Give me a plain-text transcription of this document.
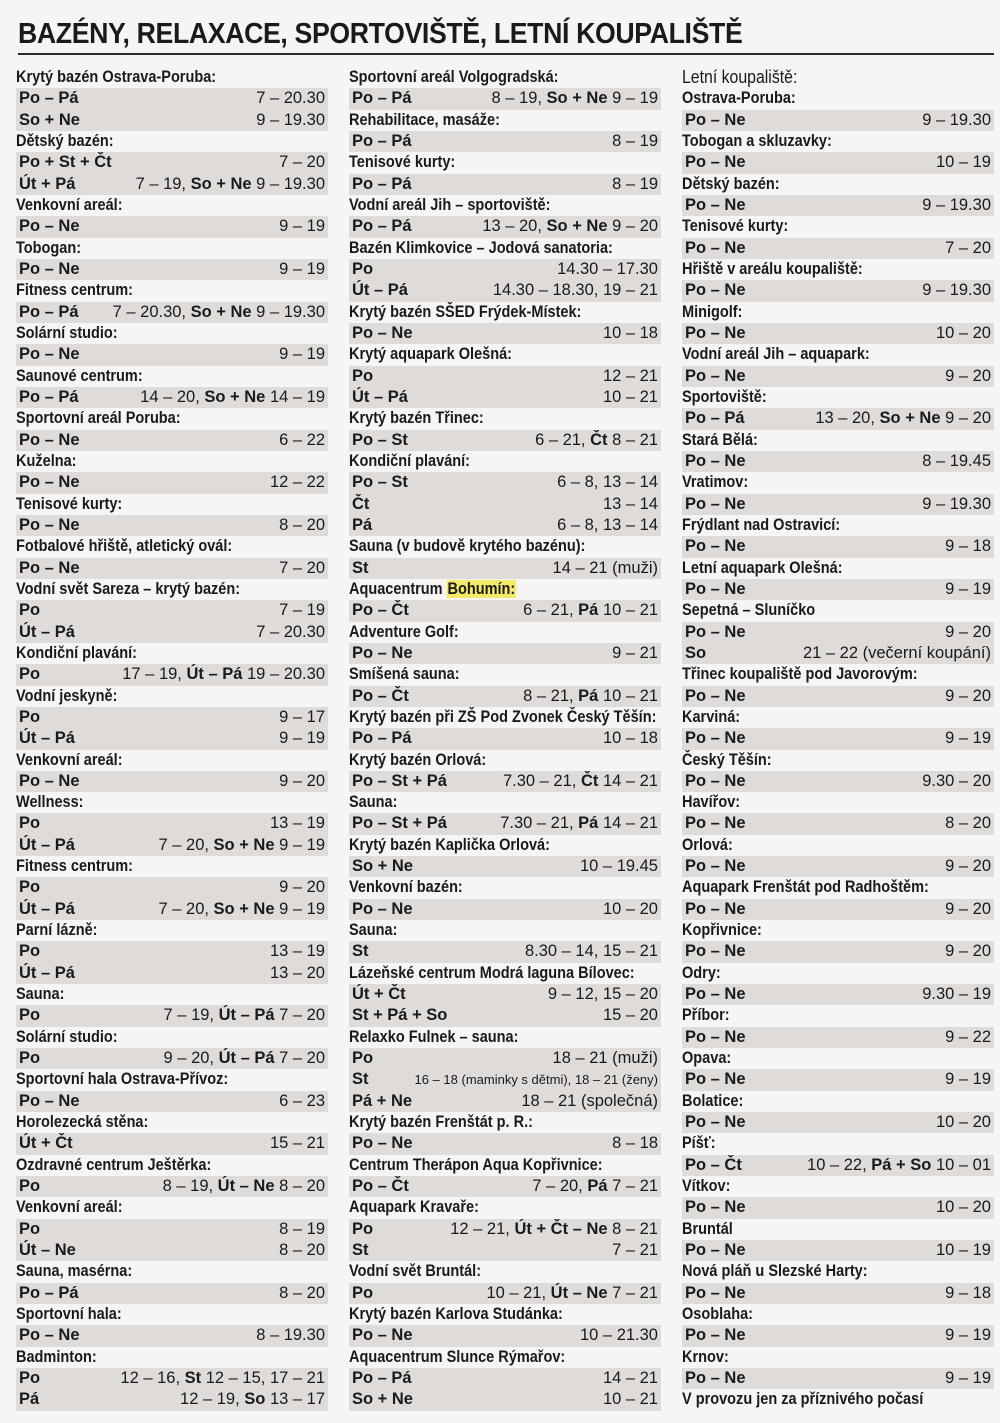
BAZÉNY, RELAXACE, SPORTOVIŠTĚ, LETNÍ KOUPALIŠTĚ
Krytý bazén Ostrava-Poruba:
Po – Pá	7 – 20.30
So + Ne	9 – 19.30
Dětský bazén:
Po + St + Čt	7 – 20
Út + Pá	7 – 19, So + Ne 9 – 19.30
Venkovní areál:
Po – Ne	9 – 19
Tobogan:
Po – Ne	9 – 19
Fitness centrum:
Po – Pá 7 – 20.30, So + Ne 9 – 19.30
Solární studio:
Po – Ne	9 – 19
Saunové centrum:
Po – Pá	14 – 20, So + Ne 14 – 19
Sportovní areál Poruba:
Po – Ne	6 – 22
Kuželna:
Po – Ne	12 – 22
Tenisové kurty:
Po – Ne	8 – 20
Fotbalové hřiště, atletický ovál:
Po – Ne	7 – 20
Vodní svět Sareza – krytý bazén:
Po	7 – 19
Út – Pá	7 – 20.30
Kondiční plavání:
Po	17 – 19, Út – Pá 19 – 20.30
Vodní jeskyně:
Po	9 – 17
Út – Pá	9 – 19
Venkovní areál:
Po – Ne	9 – 20
Wellness:
Po	13 – 19
Út – Pá	7 – 20, So + Ne 9 – 19
Fitness centrum:
Po	9 – 20
Út – Pá	7 – 20, So + Ne 9 – 19
Parní lázně:
Po	13 – 19
Út – Pá	13 – 20
Sauna:
Po	7 – 19, Út – Pá 7 – 20
Solární studio:
Po	9 – 20, Út – Pá 7 – 20
Sportovní hala Ostrava-Přívoz:
Po – Ne	6 – 23
Horolezecká stěna:
Út + Čt	15 – 21
Ozdravné centrum Ještěrka:
Po	8 – 19, Út – Ne 8 – 20
Venkovní areál:
Po	8 – 19
Út – Ne	8 – 20
Sauna, masérna:
Po – Pá	8 – 20
Sportovní hala:
Po – Ne	8 – 19.30
Badminton:
Po	12 – 16, St 12 – 15, 17 – 21
Pá	12 – 19, So 13 – 17
Sportovní areál Volgogradská:
Po – Pá	8 – 19, So + Ne 9 – 19
Rehabilitace, masáže:
Po – Pá	8 – 19
Tenisové kurty:
Po – Pá	8 – 19
Vodní areál Jih – sportoviště:
Po – Pá	13 – 20, So + Ne 9 – 20
Bazén Klimkovice – Jodová sanatoria:
Po	14.30 – 17.30
Út – Pá	14.30 – 18.30, 19 – 21
Krytý bazén SŠED Frýdek-Místek:
Po – Ne	10 – 18
Krytý aquapark Olešná:
Po	12 – 21
Út – Pá	10 – 21
Krytý bazén Třinec:
Po – St	6 – 21, Čt 8 – 21
Kondiční plavání:
Po – St	6 – 8, 13 – 14
Čt	13 – 14
Pá	6 – 8, 13 – 14
Sauna (v budově krytého bazénu):
St	14 – 21 (muži)
Aquacentrum Bohumín:
Po – Čt	6 – 21, Pá 10 – 21
Adventure Golf:
Po – Ne	9 – 21
Smíšená sauna:
Po – Čt	8 – 21, Pá 10 – 21
Krytý bazén při ZŠ Pod Zvonek Český Těšín:
Po – Pá	10 – 18
Krytý bazén Orlová:
Po – St + Pá	7.30 – 21, Čt 14 – 21
Sauna:
Po – St + Pá	7.30 – 21, Pá 14 – 21
Krytý bazén Kaplička Orlová:
So + Ne	10 – 19.45
Venkovní bazén:
Po – Ne	10 – 20
Sauna:
St	8.30 – 14, 15 – 21
Lázeňské centrum Modrá laguna Bílovec:
Út + Čt	9 – 12, 15 – 20
St + Pá + So	15 – 20
Relaxko Fulnek – sauna:
Po	18 – 21 (muži)
St	16 – 18 (maminky s dětmi), 18 – 21 (ženy)
Pá + Ne	18 – 21 (společná)
Krytý bazén Frenštát p. R.:
Po – Ne	8 – 18
Centrum Therápon Aqua Kopřivnice:
Po – Čt	7 – 20, Pá 7 – 21
Aquapark Kravaře:
Po	12 – 21, Út + Čt – Ne 8 – 21
St	7 – 21
Vodní svět Bruntál:
Po	10 – 21, Út – Ne 7 – 21
Krytý bazén Karlova Studánka:
Po – Ne	10 – 21.30
Aquacentrum Slunce Rýmařov:
Po – Pá	14 – 21
So + Ne	10 – 21
Letní koupaliště:
Ostrava-Poruba:
Po – Ne	9 – 19.30
Tobogan a skluzavky:
Po – Ne	10 – 19
Dětský bazén:
Po – Ne	9 – 19.30
Tenisové kurty:
Po – Ne	7 – 20
Hřiště v areálu koupaliště:
Po – Ne	9 – 19.30
Minigolf:
Po – Ne	10 – 20
Vodní areál Jih – aquapark:
Po – Ne	9 – 20
Sportoviště:
Po – Pá	13 – 20, So + Ne 9 – 20
Stará Bělá:
Po – Ne	8 – 19.45
Vratimov:
Po – Ne	9 – 19.30
Frýdlant nad Ostravicí:
Po – Ne	9 – 18
Letní aquapark Olešná:
Po – Ne	9 – 19
Sepetná – Sluníčko
Po – Ne	9 – 20
So	21 – 22 (večerní koupání)
Třinec koupaliště pod Javorovým:
Po – Ne	9 – 20
Karviná:
Po – Ne	9 – 19
Český Těšín:
Po – Ne	9.30 – 20
Havířov:
Po – Ne	8 – 20
Orlová:
Po – Ne	9 – 20
Aquapark Frenštát pod Radhoštěm:
Po – Ne	9 – 20
Kopřivnice:
Po – Ne	9 – 20
Odry:
Po – Ne	9.30 – 19
Příbor:
Po – Ne	9 – 22
Opava:
Po – Ne	9 – 19
Bolatice:
Po – Ne	10 – 20
Píšť:
Po – Čt	10 – 22, Pá + So 10 – 01
Vítkov:
Po – Ne	10 – 20
Bruntál
Po – Ne	10 – 19
Nová pláň u Slezské Harty:
Po – Ne	9 – 18
Osoblaha:
Po – Ne	9 – 19
Krnov:
Po – Ne	9 – 19
V provozu jen za příznivého počasí
